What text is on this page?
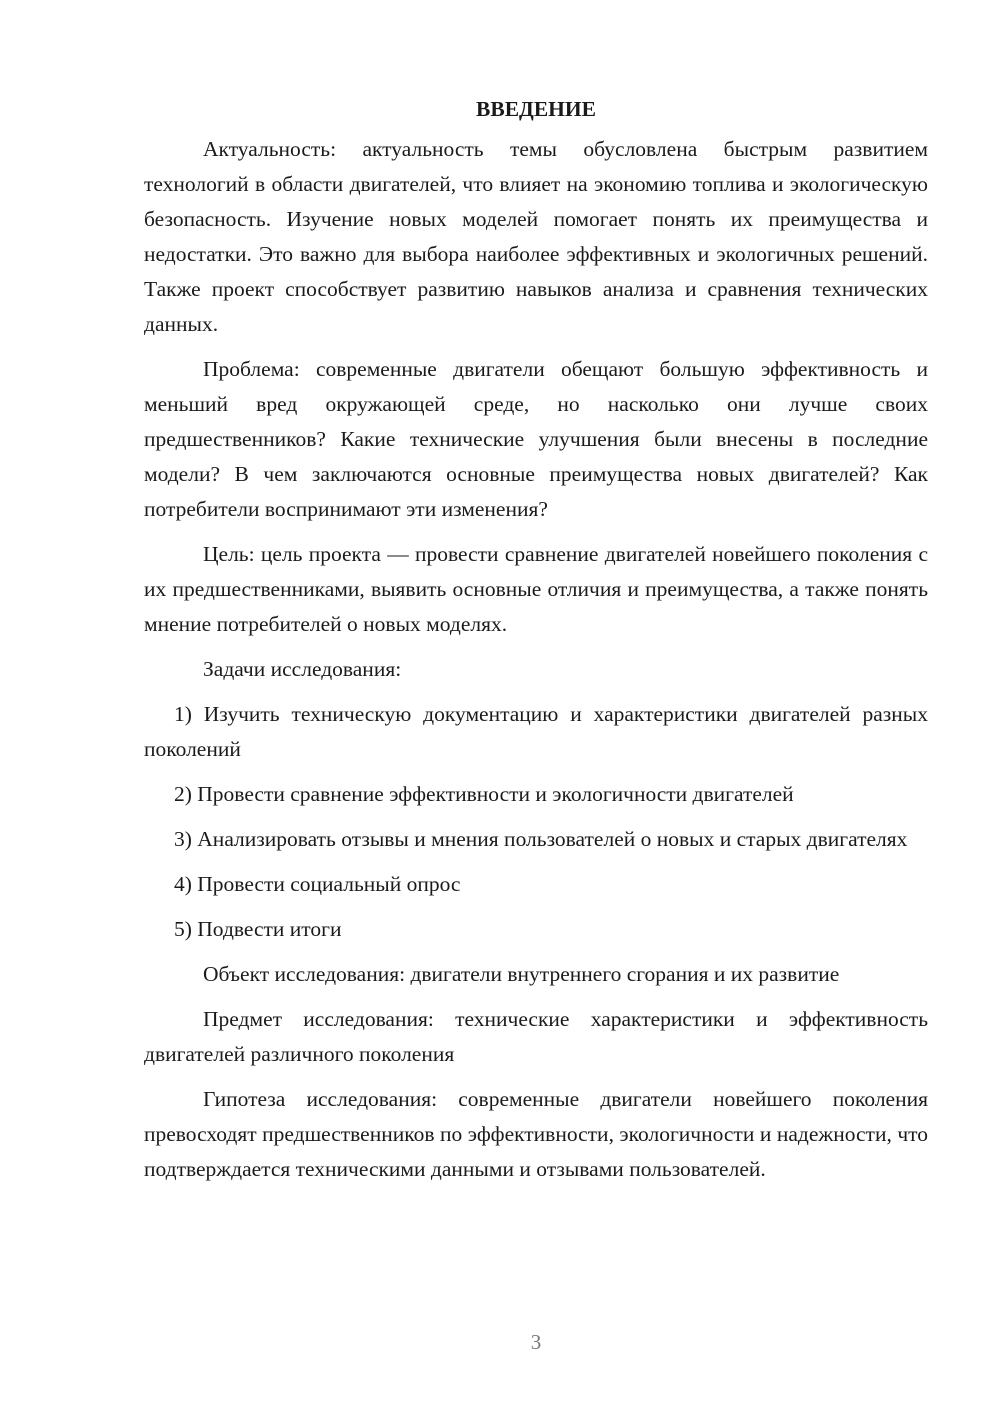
ВВЕДЕНИЕ

Актуальность: актуальность темы обусловлена быстрым развитием технологий в области двигателей, что влияет на экономию топлива и экологическую безопасность. Изучение новых моделей помогает понять их преимущества и недостатки. Это важно для выбора наиболее эффективных и экологичных решений. Также проект способствует развитию навыков анализа и сравнения технических данных.

Проблема: современные двигатели обещают большую эффективность и меньший вред окружающей среде, но насколько они лучше своих предшественников? Какие технические улучшения были внесены в последние модели? В чем заключаются основные преимущества новых двигателей? Как потребители воспринимают эти изменения?

Цель: цель проекта — провести сравнение двигателей новейшего поколения с их предшественниками, выявить основные отличия и преимущества, а также понять мнение потребителей о новых моделях.

Задачи исследования:

1) Изучить техническую документацию и характеристики двигателей разных поколений

2) Провести сравнение эффективности и экологичности двигателей

3) Анализировать отзывы и мнения пользователей о новых и старых двигателях

4) Провести социальный опрос

5) Подвести итоги

Объект исследования: двигатели внутреннего сгорания и их развитие

Предмет исследования: технические характеристики и эффективность двигателей различного поколения

Гипотеза исследования: современные двигатели новейшего поколения превосходят предшественников по эффективности, экологичности и надежности, что подтверждается техническими данными и отзывами пользователей.

3
